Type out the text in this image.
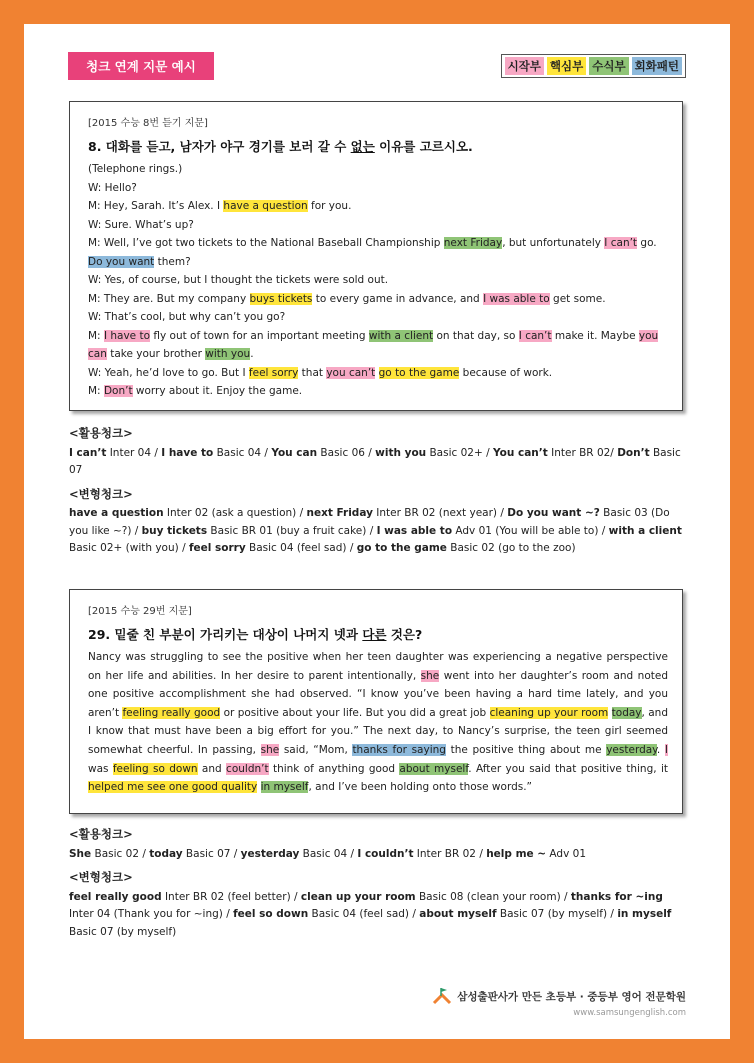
청크 연계 지문 예시	시작부 핵심부 수식부 회화패턴
[2015 수능 8번 듣기 지문]
8. 대화를 듣고, 남자가 야구 경기를 보러 갈 수 없는 이유를 고르시오.

(Telephone rings.)

W: Hello?

M: Hey, Sarah. It’s Alex. I have a question for you.

W: Sure. What’s up?

M: Well, I’ve got two tickets to the National Baseball Championship next Friday, but unfortunately I can’t go.

Do you want them?

W: Yes, of course, but I thought the tickets were sold out.

M: They are. But my company buys tickets to every game in advance, and I was able to get some.

W: That’s cool, but why can’t you go?

M: I have to fly out of town for an important meeting with a client on that day, so I can’t make it. Maybe you

can take your brother with you.

W: Yeah, he’d love to go. But I feel sorry that you can’t go to the game because of work.

M: Don’t worry about it. Enjoy the game.

<활용청크>

I can’t Inter 04 / I have to Basic 04 / You can Basic 06 / with you Basic 02+ / You can’t Inter BR 02/ Don’t Basic 07

<변형청크>

have a question Inter 02 (ask a question) / next Friday Inter BR 02 (next year) / Do you want ~? Basic 03 (Do you like ~?) / buy tickets Basic BR 01 (buy a fruit cake) / I was able to Adv 01 (You will be able to) / with a client Basic 02+ (with you) / feel sorry Basic 04 (feel sad) / go to the game Basic 02 (go to the zoo)

[2015 수능 29번 지문]
29. 밑줄 친 부분이 가리키는 대상이 나머지 넷과 다른 것은?

Nancy was struggling to see the positive when her teen daughter was experiencing a negative perspective on her life and abilities. In her desire to parent intentionally, she went into her daughter’s room and noted one positive accomplishment she had observed. “I know you’ve been having a hard time lately, and you aren’t feeling really good or positive about your life. But you did a great job cleaning up your room today, and I know that must have been a big effort for you.” The next day, to Nancy’s surprise, the teen girl seemed somewhat cheerful. In passing, she said, “Mom, thanks for saying the positive thing about me yesterday. I was feeling so down and couldn’t think of anything good about myself. After you said that positive thing, it helped me see one good quality in myself, and I’ve been holding onto those words.”

<활용청크>

She Basic 02 / today Basic 07 / yesterday Basic 04 / I couldn’t Inter BR 02 / help me ~ Adv 01

<변형청크>

feel really good Inter BR 02 (feel better) / clean up your room Basic 08 (clean your room) / thanks for ~ing Inter 04 (Thank you for ~ing) / feel so down Basic 04 (feel sad) / about myself Basic 07 (by myself) / in myself Basic 07 (by myself)

삼성출판사가 만든 초등부 · 중등부 영어 전문학원
www.samsungenglish.com
